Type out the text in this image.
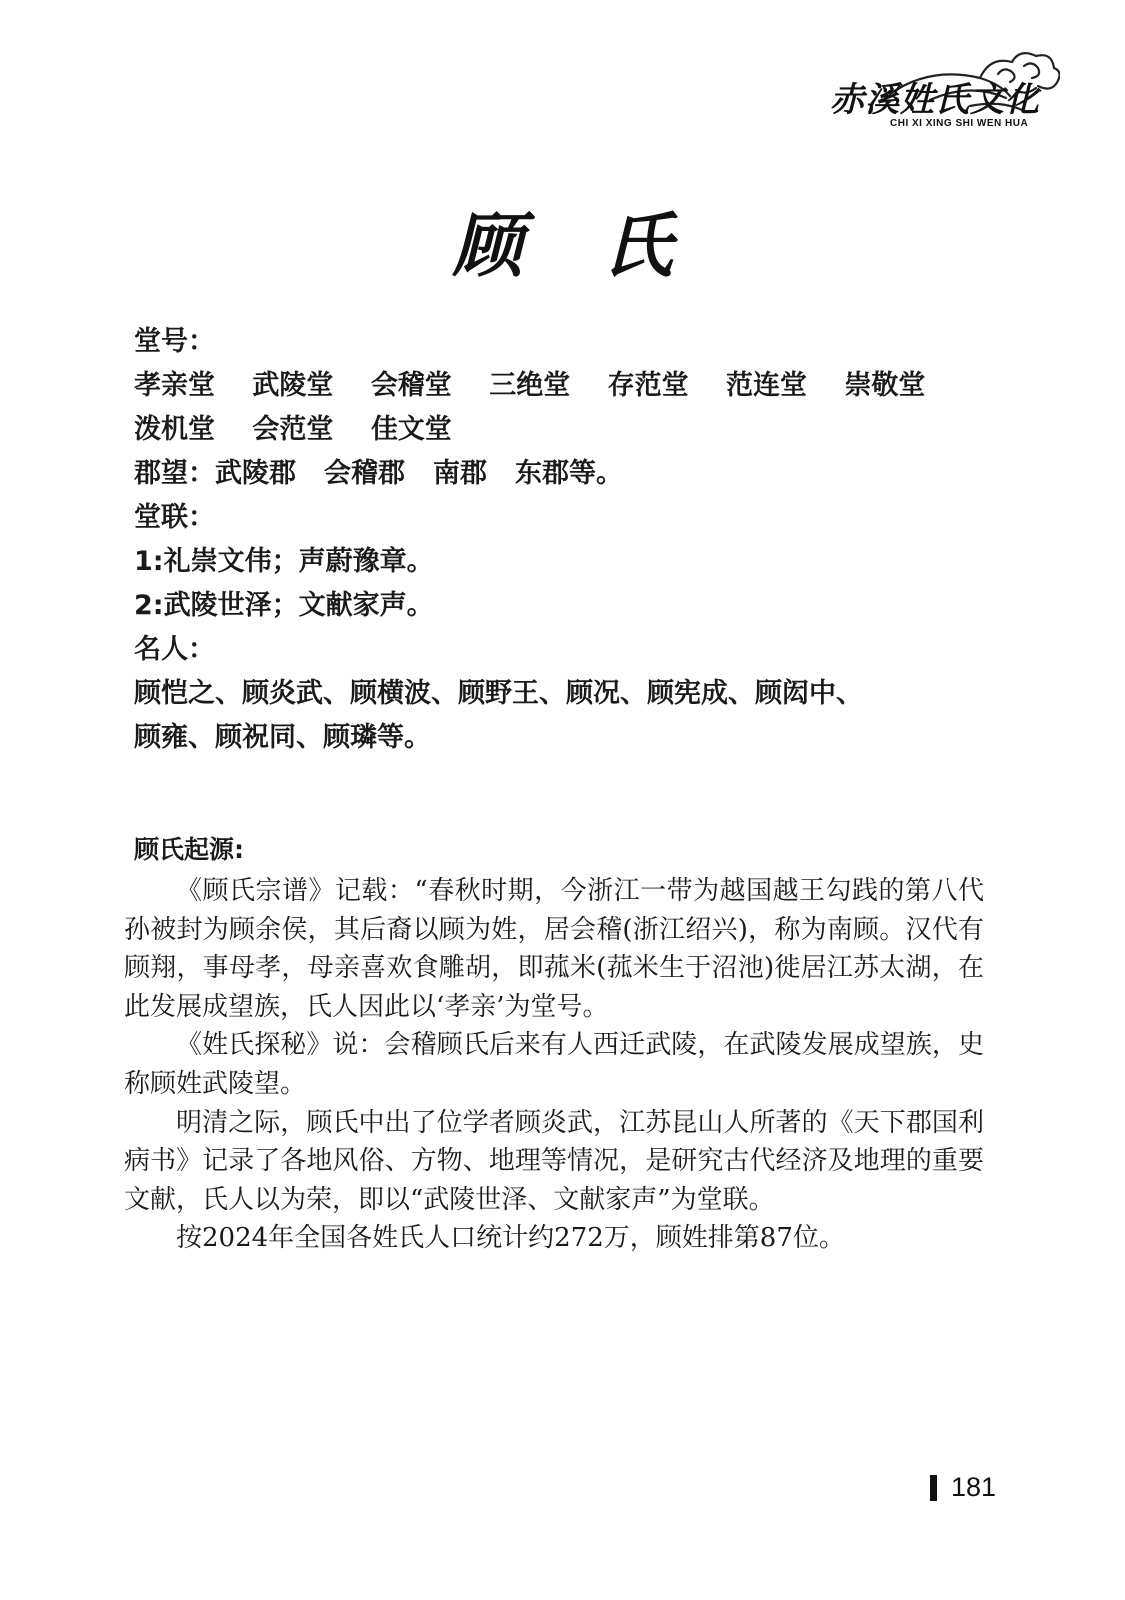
赤溪姓氏文化
CHI XI XING SHI WEN HUA
顾氏
堂号：
孝亲堂 武陵堂 会稽堂 三绝堂 存范堂 范连堂 崇敬堂
泼机堂 会范堂 佳文堂
郡望：武陵郡 会稽郡 南郡 东郡等。
堂联：
1:礼崇文伟；声蔚豫章。
2:武陵世泽；文献家声。
名人：
顾恺之、顾炎武、顾横波、顾野王、顾况、顾宪成、顾闳中、
顾雍、顾祝同、顾璘等。
顾氏起源:

《顾氏宗谱》记载：“春秋时期，今浙江一带为越国越王勾践的第八代孙被封为顾余侯，其后裔以顾为姓，居会稽(浙江绍兴)，称为南顾。汉代有顾翔，事母孝，母亲喜欢食雕胡，即菰米(菰米生于沼池)徙居江苏太湖，在此发展成望族，氏人因此以‘孝亲’为堂号。

《姓氏探秘》说：会稽顾氏后来有人西迁武陵，在武陵发展成望族，史称顾姓武陵望。

明清之际，顾氏中出了位学者顾炎武，江苏昆山人所著的《天下郡国利病书》记录了各地风俗、方物、地理等情况，是研究古代经济及地理的重要文献，氏人以为荣，即以“武陵世泽、文献家声”为堂联。

按2024年全国各姓氏人口统计约272万，顾姓排第87位。

181
